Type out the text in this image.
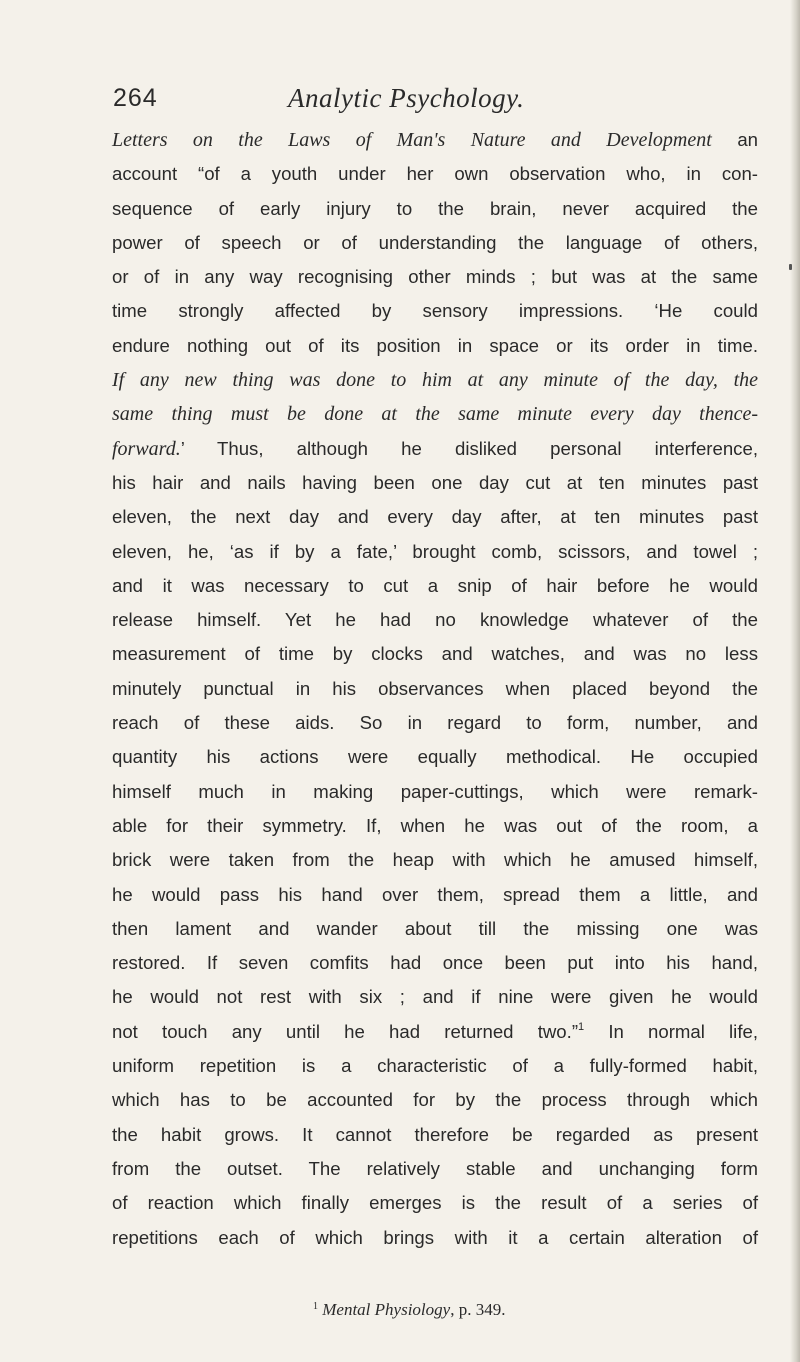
264	Analytic Psychology.
Letters on the Laws of Man's Nature and Development an
account “of a youth under her own observation who, in con-
sequence of early injury to the brain, never acquired the
power of speech or of understanding the language of others,
or of in any way recognising other minds ; but was at the same
time strongly affected by sensory impressions. ‘He could
endure nothing out of its position in space or its order in time.
If any new thing was done to him at any minute of the day, the
same thing must be done at the same minute every day thence-
forward.’ Thus, although he disliked personal interference,
his hair and nails having been one day cut at ten minutes past
eleven, the next day and every day after, at ten minutes past
eleven, he, ‘as if by a fate,’ brought comb, scissors, and towel ;
and it was necessary to cut a snip of hair before he would
release himself. Yet he had no knowledge whatever of the
measurement of time by clocks and watches, and was no less
minutely punctual in his observances when placed beyond the
reach of these aids. So in regard to form, number, and
quantity his actions were equally methodical. He occupied
himself much in making paper-cuttings, which were remark-
able for their symmetry. If, when he was out of the room, a
brick were taken from the heap with which he amused himself,
he would pass his hand over them, spread them a little, and
then lament and wander about till the missing one was
restored. If seven comfits had once been put into his hand,
he would not rest with six ; and if nine were given he would
not touch any until he had returned two.”$^1$ In normal life,
uniform repetition is a characteristic of a fully-formed habit,
which has to be accounted for by the process through which
the habit grows. It cannot therefore be regarded as present
from the outset. The relatively stable and unchanging form
of reaction which finally emerges is the result of a series of
repetitions each of which brings with it a certain alteration of
$^1$ Mental Physiology, p. 349.
